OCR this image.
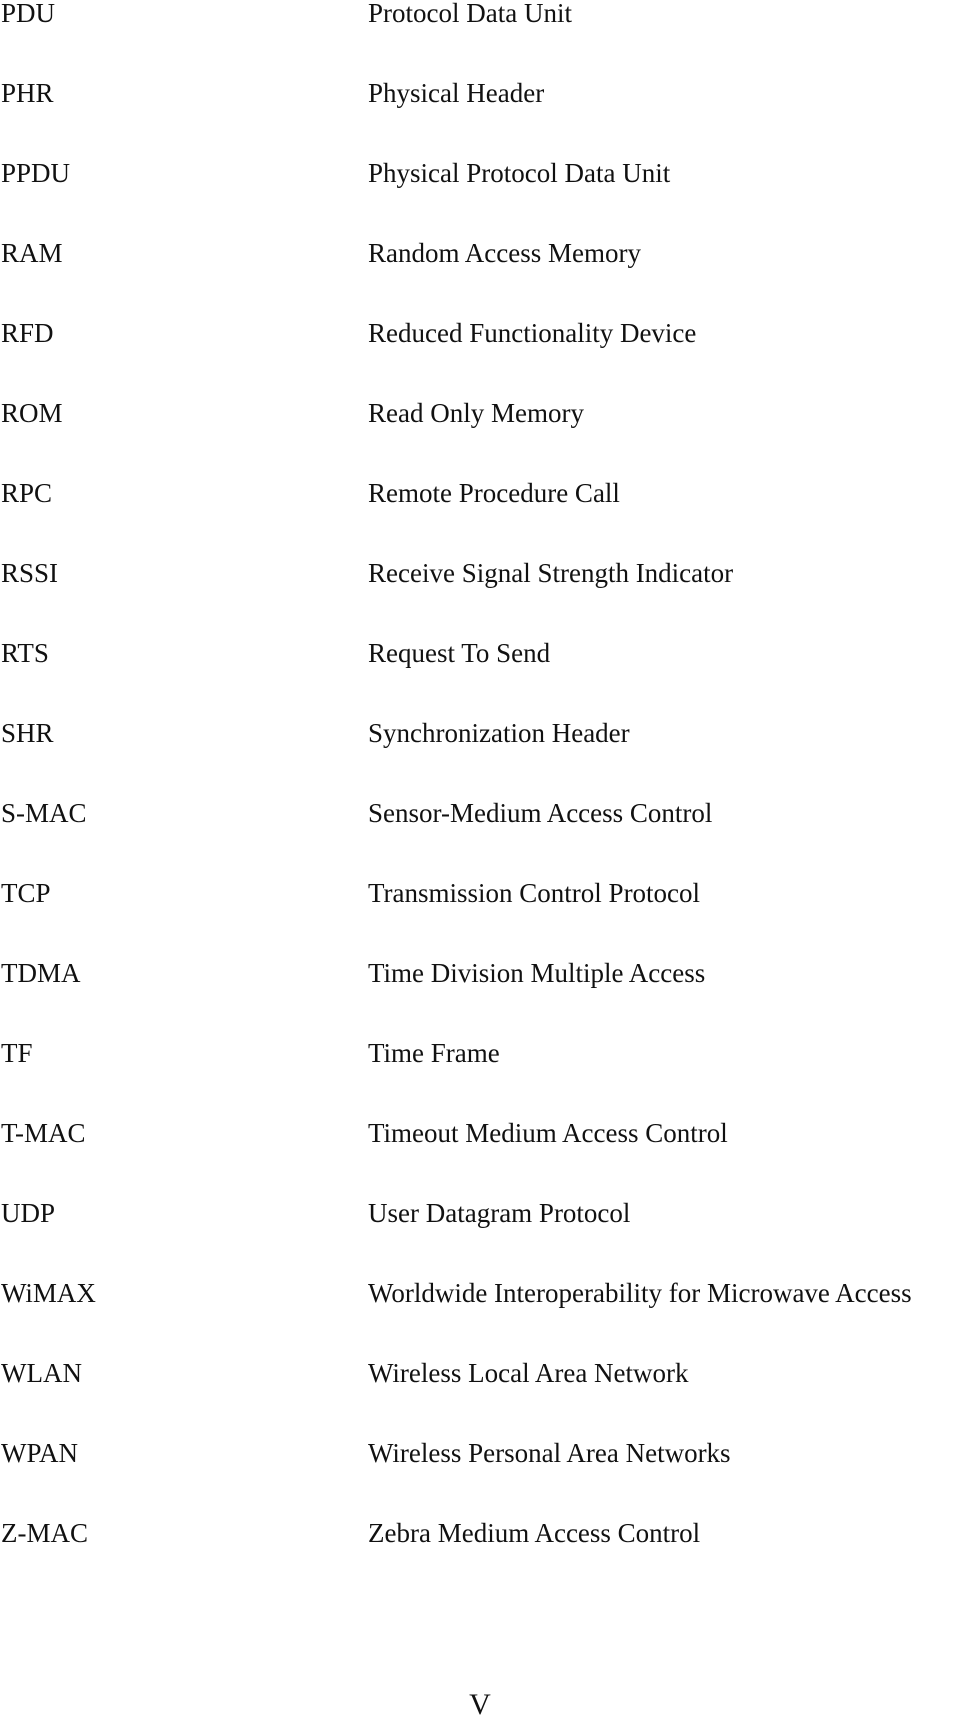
PDU	Protocol Data Unit
PHR	Physical Header
PPDU	Physical Protocol Data Unit
RAM	Random Access Memory
RFD	Reduced Functionality Device
ROM	Read Only Memory
RPC	Remote Procedure Call
RSSI	Receive Signal Strength Indicator
RTS	Request To Send
SHR	Synchronization Header
S-MAC	Sensor-Medium Access Control
TCP	Transmission Control Protocol
TDMA	Time Division Multiple Access
TF	Time Frame
T-MAC	Timeout Medium Access Control
UDP	User Datagram Protocol
WiMAX	Worldwide Interoperability for Microwave Access
WLAN	Wireless Local Area Network
WPAN	Wireless Personal Area Networks
Z-MAC	Zebra Medium Access Control
V
